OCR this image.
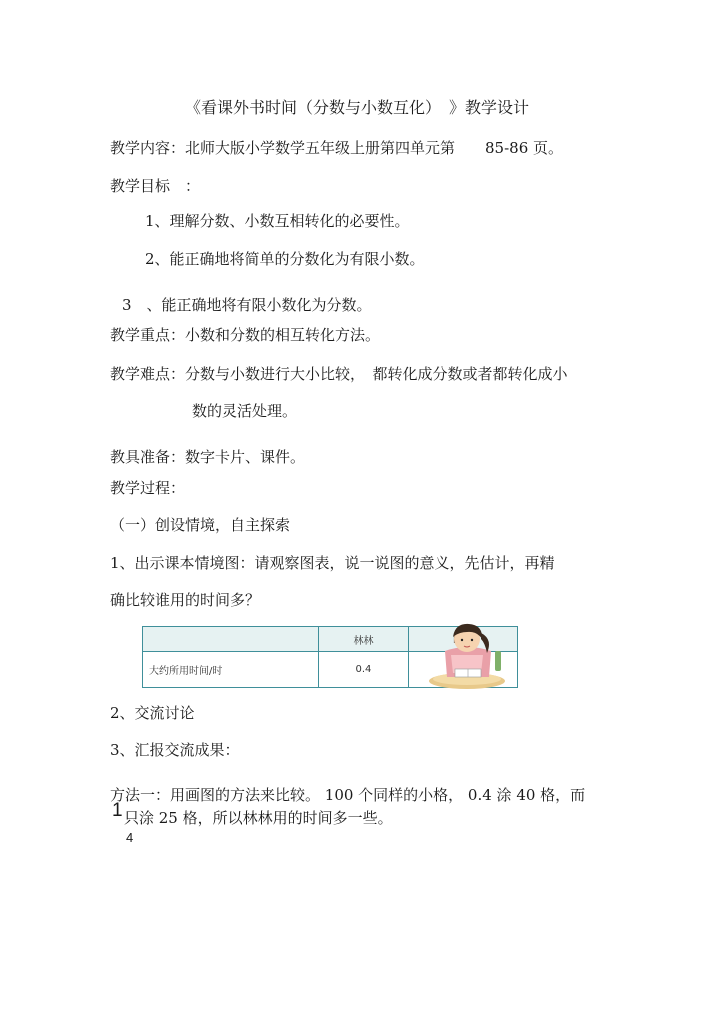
《看课外书时间（分数与小数互化）　》教学设计
教学内容：北师大版小学数学五年级上册第四单元第　　85-86 页。
教学目标　：
1、理解分数、小数互相转化的必要性。
2、能正确地将简单的分数化为有限小数。
3　、能正确地将有限小数化为分数。
教学重点：小数和分数的相互转化方法。
教学难点：分数与小数进行大小比较，　都转化成分数或者都转化成小
数的灵活处理。
教具准备：数字卡片、课件。
教学过程：
（一）创设情境，自主探索
1、出示课本情境图：请观察图表，说一说图的意义，先估计，再精
确比较谁用的时间多？
	林林	
大约所用时间/时	0.4	
2、交流讨论
3、汇报交流成果：
方法一：用画图的方法来比较。 100 个同样的小格， 0.4 涂 40 格，而
1 只涂 25 格，所以林林用的时间多一些。
4
